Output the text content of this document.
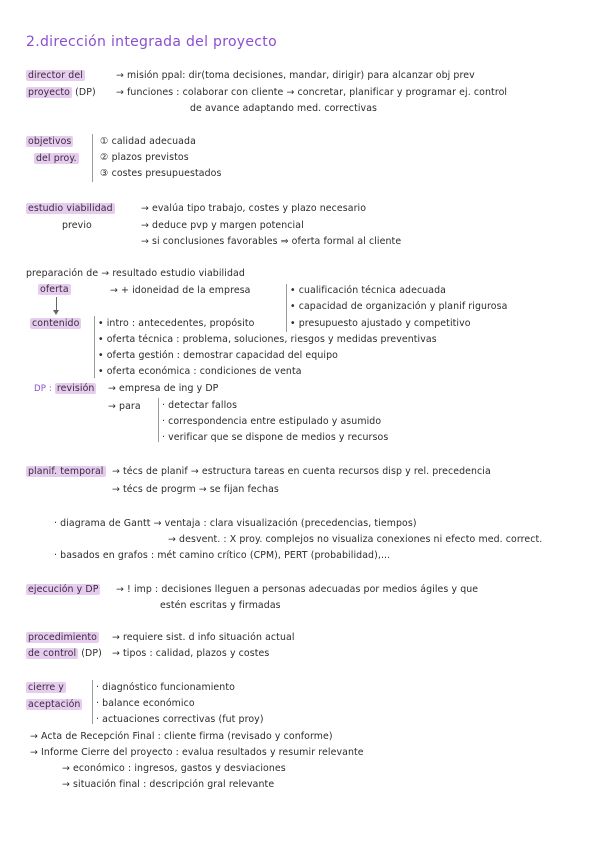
2.dirección integrada del proyecto
director del	→ misión ppal: dir(toma decisiones, mandar, dirigir) para alcanzar obj prev
proyecto (DP) → funciones : colaborar con cliente → concretar, planificar y programar ej. control
de avance adaptando med. correctivas
objetivos
del proy.
① calidad adecuada
② plazos previstos
③ costes presupuestados
estudio viabilidad
previo
→ evalúa tipo trabajo, costes y plazo necesario
→ deduce pvp y margen potencial
→ si conclusiones favorables ⇒ oferta formal al cliente
preparación de → resultado estudio viabilidad
oferta	→ + idoneidad de la empresa	• cualificación técnica adecuada
• capacidad de organización y planif rigurosa
• presupuesto ajustado y competitivo
contenido • intro : antecedentes, propósito
• oferta técnica : problema, soluciones, riesgos y medidas preventivas
• oferta gestión : demostrar capacidad del equipo
• oferta económica : condiciones de venta
DP : revisión → empresa de ing y DP
→ para · detectar fallos
· correspondencia entre estipulado y asumido
· verificar que se dispone de medios y recursos
planif. temporal → técs de planif → estructura tareas en cuenta recursos disp y rel. precedencia
→ técs de progrm → se fijan fechas
· diagrama de Gantt → ventaja : clara visualización (precedencias, tiempos)
→ desvent. : X proy. complejos no visualiza conexiones ni efecto med. correct.
· basados en grafos : mét camino crítico (CPM), PERT (probabilidad),...
ejecución y DP → ! imp : decisiones lleguen a personas adecuadas por medios ágiles y que
estén escritas y firmadas
procedimiento
de control (DP)
→ requiere sist. d info situación actual
→ tipos : calidad, plazos y costes
cierre y
aceptación
· diagnóstico funcionamiento
· balance económico
· actuaciones correctivas (fut proy)
→ Acta de Recepción Final : cliente firma (revisado y conforme)
→ Informe Cierre del proyecto : evalua resultados y resumir relevante
→ económico : ingresos, gastos y desviaciones
→ situación final : descripción gral relevante
